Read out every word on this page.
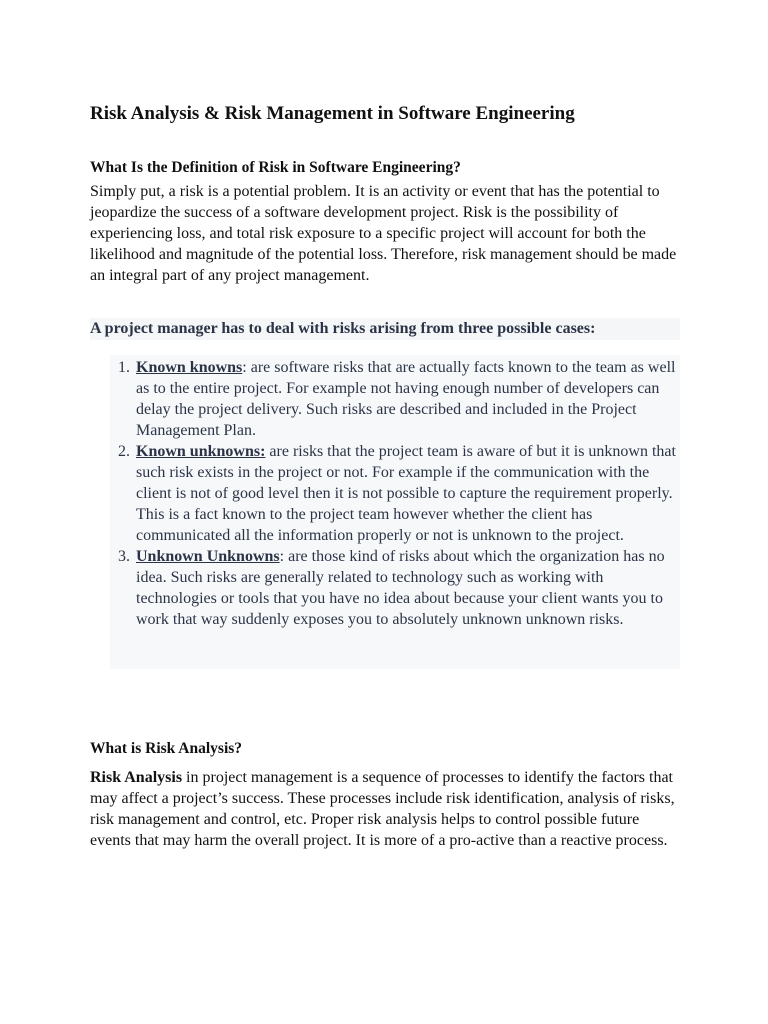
Risk Analysis & Risk Management in Software Engineering
What Is the Definition of Risk in Software Engineering?

Simply put, a risk is a potential problem. It is an activity or event that has the potential to jeopardize the success of a software development project. Risk is the possibility of experiencing loss, and total risk exposure to a specific project will account for both the likelihood and magnitude of the potential loss. Therefore, risk management should be made an integral part of any project management.

A project manager has to deal with risks arising from three possible cases:
Known knowns: are software risks that are actually facts known to the team as well as to the entire project. For example not having enough number of developers can delay the project delivery. Such risks are described and included in the Project Management Plan.
Known unknowns: are risks that the project team is aware of but it is unknown that such risk exists in the project or not. For example if the communication with the client is not of good level then it is not possible to capture the requirement properly. This is a fact known to the project team however whether the client has communicated all the information properly or not is unknown to the project.
Unknown Unknowns: are those kind of risks about which the organization has no idea. Such risks are generally related to technology such as working with technologies or tools that you have no idea about because your client wants you to work that way suddenly exposes you to absolutely unknown unknown risks.
What is Risk Analysis?

Risk Analysis in project management is a sequence of processes to identify the factors that may affect a project’s success. These processes include risk identification, analysis of risks, risk management and control, etc. Proper risk analysis helps to control possible future events that may harm the overall project. It is more of a pro-active than a reactive process.
